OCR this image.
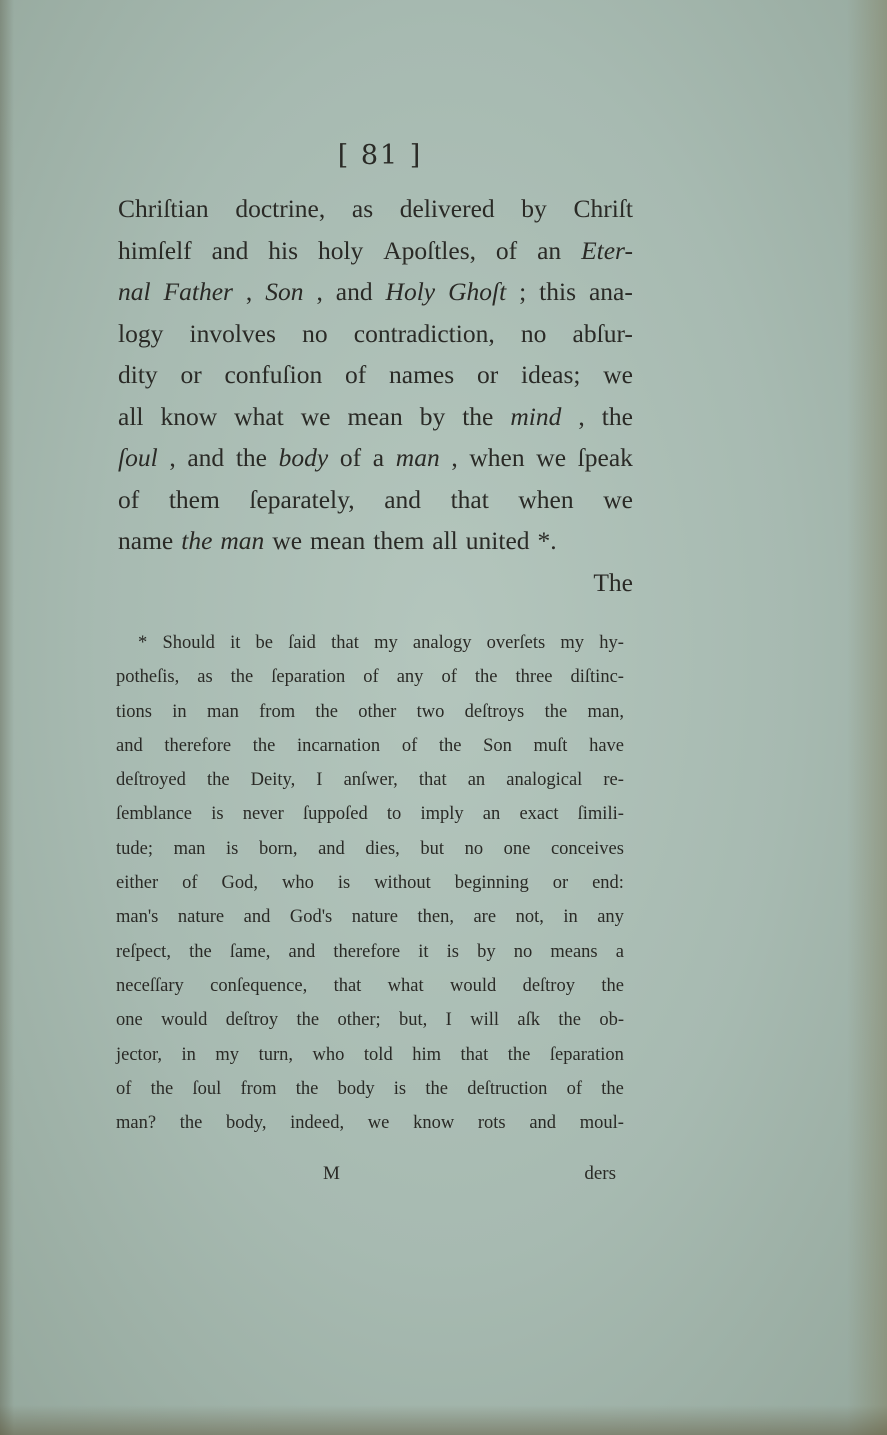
[ 81 ]
Chriſtian doctrine, as delivered by Chriſt
himſelf and his holy Apoſtles, of an Eter-
nal Father , Son , and Holy Ghoſt ; this ana-
logy involves no contradiction, no abſur-
dity or confuſion of names or ideas; we
all know what we mean by the mind , the
ſoul , and the body of a man , when we ſpeak
of them ſeparately, and that when we
name the man we mean them all united *.
The
* Should it be ſaid that my analogy overſets my hy-
potheſis, as the ſeparation of any of the three diſtinc-
tions in man from the other two deſtroys the man,
and therefore the incarnation of the Son muſt have
deſtroyed the Deity, I anſwer, that an analogical re-
ſemblance is never ſuppoſed to imply an exact ſimili-
tude; man is born, and dies, but no one conceives
either of God, who is without beginning or end:
man's nature and God's nature then, are not, in any
reſpect, the ſame, and therefore it is by no means a
neceſſary conſequence, that what would deſtroy the
one would deſtroy the other; but, I will aſk the ob-
jector, in my turn, who told him that the ſeparation
of the ſoul from the body is the deſtruction of the
man? the body, indeed, we know rots and moul-
M	ders
